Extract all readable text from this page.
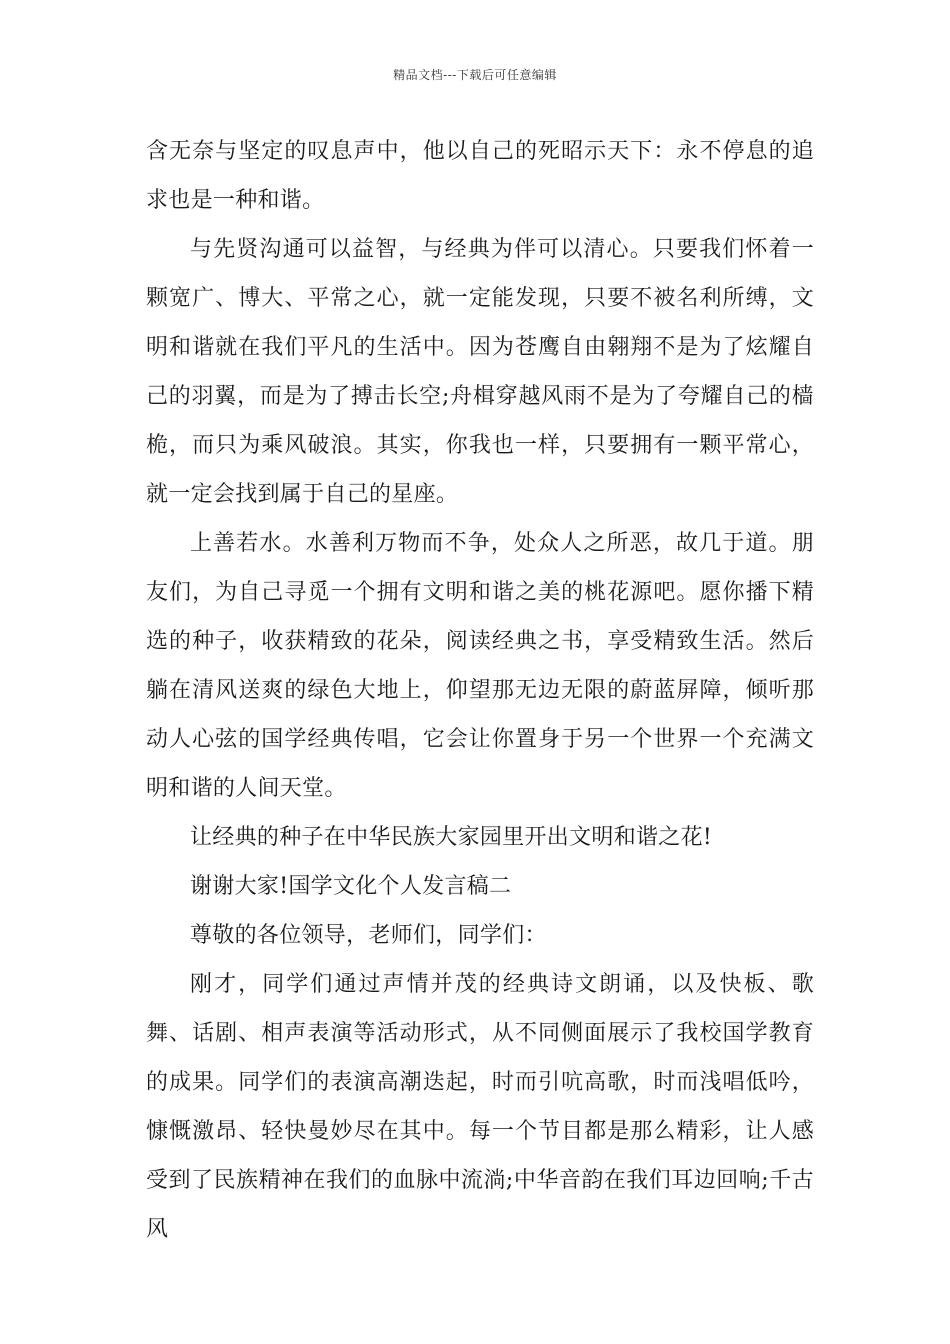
精品文档---下载后可任意编辑

含无奈与坚定的叹息声中，他以自己的死昭示天下：永不停息的追求也是一种和谐。

与先贤沟通可以益智，与经典为伴可以清心。只要我们怀着一颗宽广、博大、平常之心，就一定能发现，只要不被名利所缚，文明和谐就在我们平凡的生活中。因为苍鹰自由翱翔不是为了炫耀自己的羽翼，而是为了搏击长空;舟楫穿越风雨不是为了夸耀自己的樯桅，而只为乘风破浪。其实，你我也一样，只要拥有一颗平常心，就一定会找到属于自己的星座。

上善若水。水善利万物而不争，处众人之所恶，故几于道。朋友们，为自己寻觅一个拥有文明和谐之美的桃花源吧。愿你播下精选的种子，收获精致的花朵，阅读经典之书，享受精致生活。然后躺在清风送爽的绿色大地上，仰望那无边无限的蔚蓝屏障，倾听那动人心弦的国学经典传唱，它会让你置身于另一个世界一个充满文明和谐的人间天堂。

让经典的种子在中华民族大家园里开出文明和谐之花!

谢谢大家!国学文化个人发言稿二

尊敬的各位领导，老师们，同学们：

刚才，同学们通过声情并茂的经典诗文朗诵，以及快板、歌舞、话剧、相声表演等活动形式，从不同侧面展示了我校国学教育的成果。同学们的表演高潮迭起，时而引吭高歌，时而浅唱低吟，慷慨激昂、轻快曼妙尽在其中。每一个节目都是那么精彩，让人感受到了民族精神在我们的血脉中流淌;中华音韵在我们耳边回响;千古风
